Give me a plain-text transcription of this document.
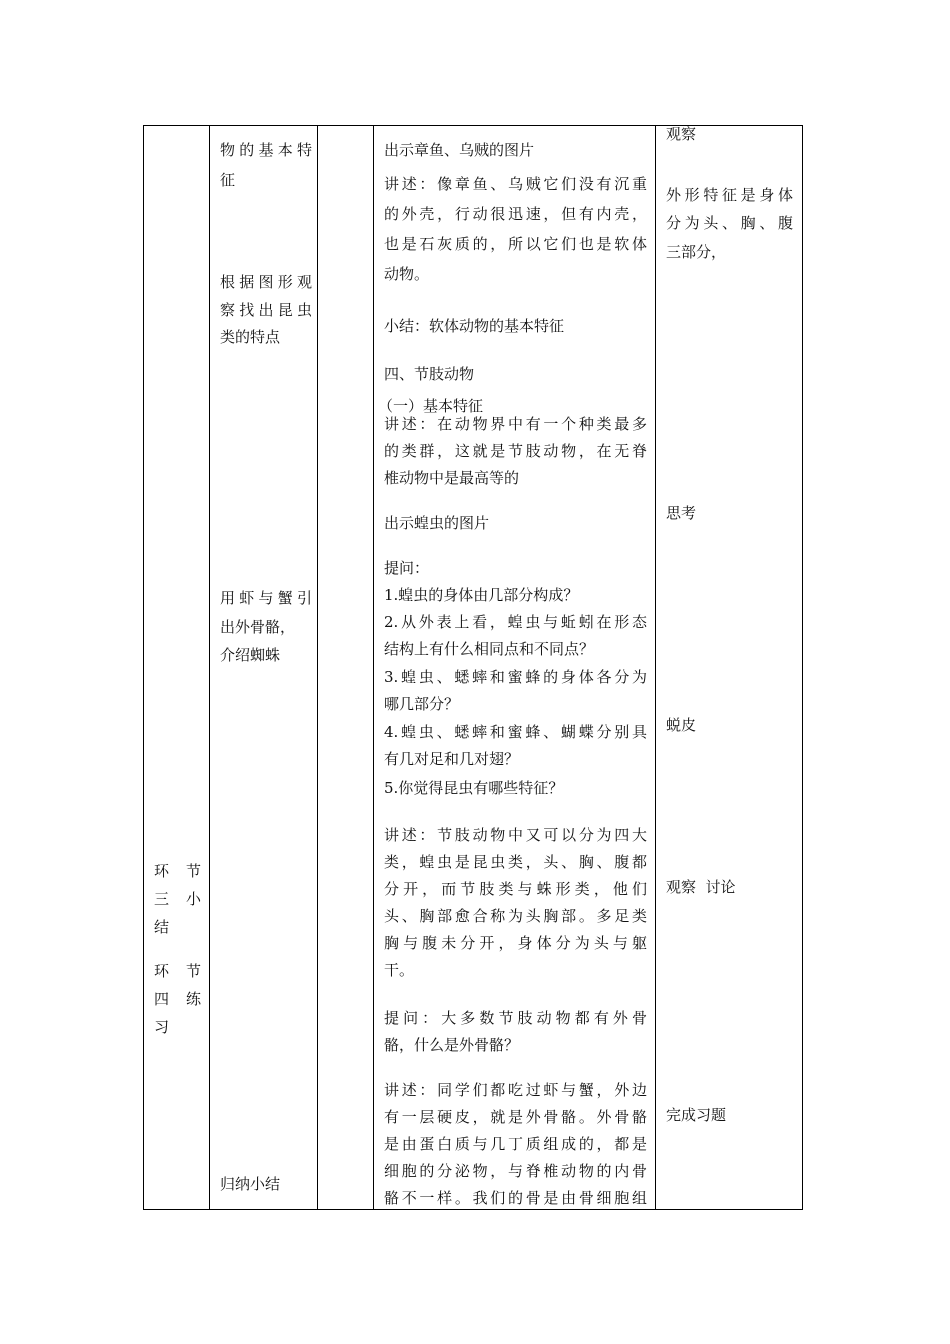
环 节
三 小
结
环 节
四 练
习
物的基本特
征
根据图形观
察找出昆虫
类的特点
用虾与蟹引
出外骨骼，
介绍蜘蛛
归纳小结
出示章鱼、乌贼的图片
讲述：像章鱼、乌贼它们没有沉重
的外壳，行动很迅速，但有内壳，
也是石灰质的，所以它们也是软体
动物。
小结：软体动物的基本特征
四、节肢动物
（一）基本特征
讲述：在动物界中有一个种类最多
的类群，这就是节肢动物，在无脊
椎动物中是最高等的
出示蝗虫的图片
提问：
1.蝗虫的身体由几部分构成？
2.从外表上看，蝗虫与蚯蚓在形态
结构上有什么相同点和不同点？
3.蝗虫、蟋蟀和蜜蜂的身体各分为
哪几部分？
4.蝗虫、蟋蟀和蜜蜂、蝴蝶分别具
有几对足和几对翅？
5.你觉得昆虫有哪些特征？
讲述：节肢动物中又可以分为四大
类，蝗虫是昆虫类，头、胸、腹都
分开，而节肢类与蛛形类，他们
头、胸部愈合称为头胸部。多足类
胸与腹未分开，身体分为头与躯
干。
提问：大多数节肢动物都有外骨
骼，什么是外骨骼？
讲述：同学们都吃过虾与蟹，外边
有一层硬皮，就是外骨骼。外骨骼
是由蛋白质与几丁质组成的，都是
细胞的分泌物，与脊椎动物的内骨
骼不一样。我们的骨是由骨细胞组
观察
外形特征是身体
分为头、胸、腹
三部分，
思考
蜕皮
观察  讨论
完成习题
